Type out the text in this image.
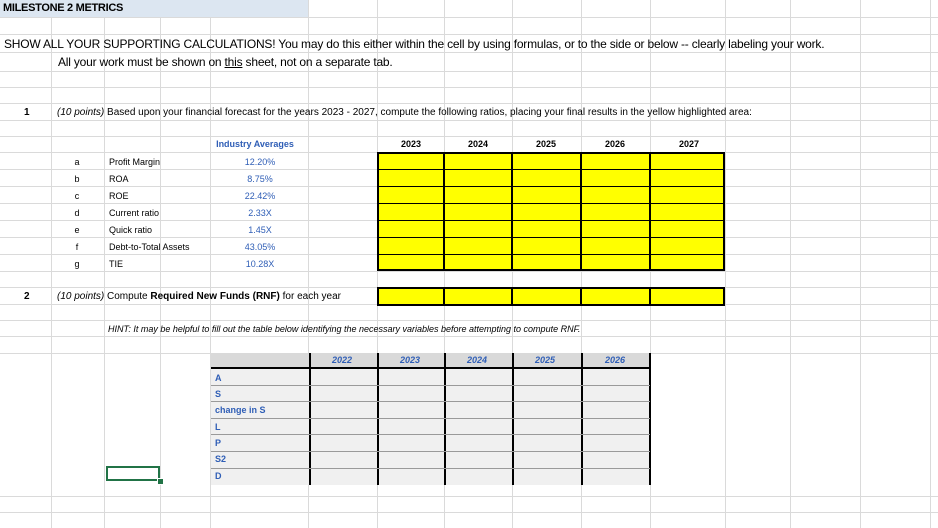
MILESTONE 2 METRICS
SHOW ALL YOUR SUPPORTING CALCULATIONS! You may do this either within the cell by using formulas, or to the side or below -- clearly labeling your work.
All your work must be shown on this sheet, not on a separate tab.
1	(10 points) Based upon your financial forecast for the years 2023 - 2027, compute the following ratios, placing your final results in the yellow highlighted area:
Industry Averages	2023	2024	2025	2026	2027
a	Profit Margin	12.20%
b	ROA	8.75%
c	ROE	22.42%
d	Current ratio	2.33X
e	Quick ratio	1.45X
f	Debt-to-Total Assets	43.05%
g	TIE	10.28X
2	(10 points) Compute Required New Funds (RNF) for each year
HINT: It may be helpful to fill out the table below identifying the necessary variables before attempting to compute RNF.
2022	2023	2024	2025	2026
A
S
change in S
L
P
S2
D
